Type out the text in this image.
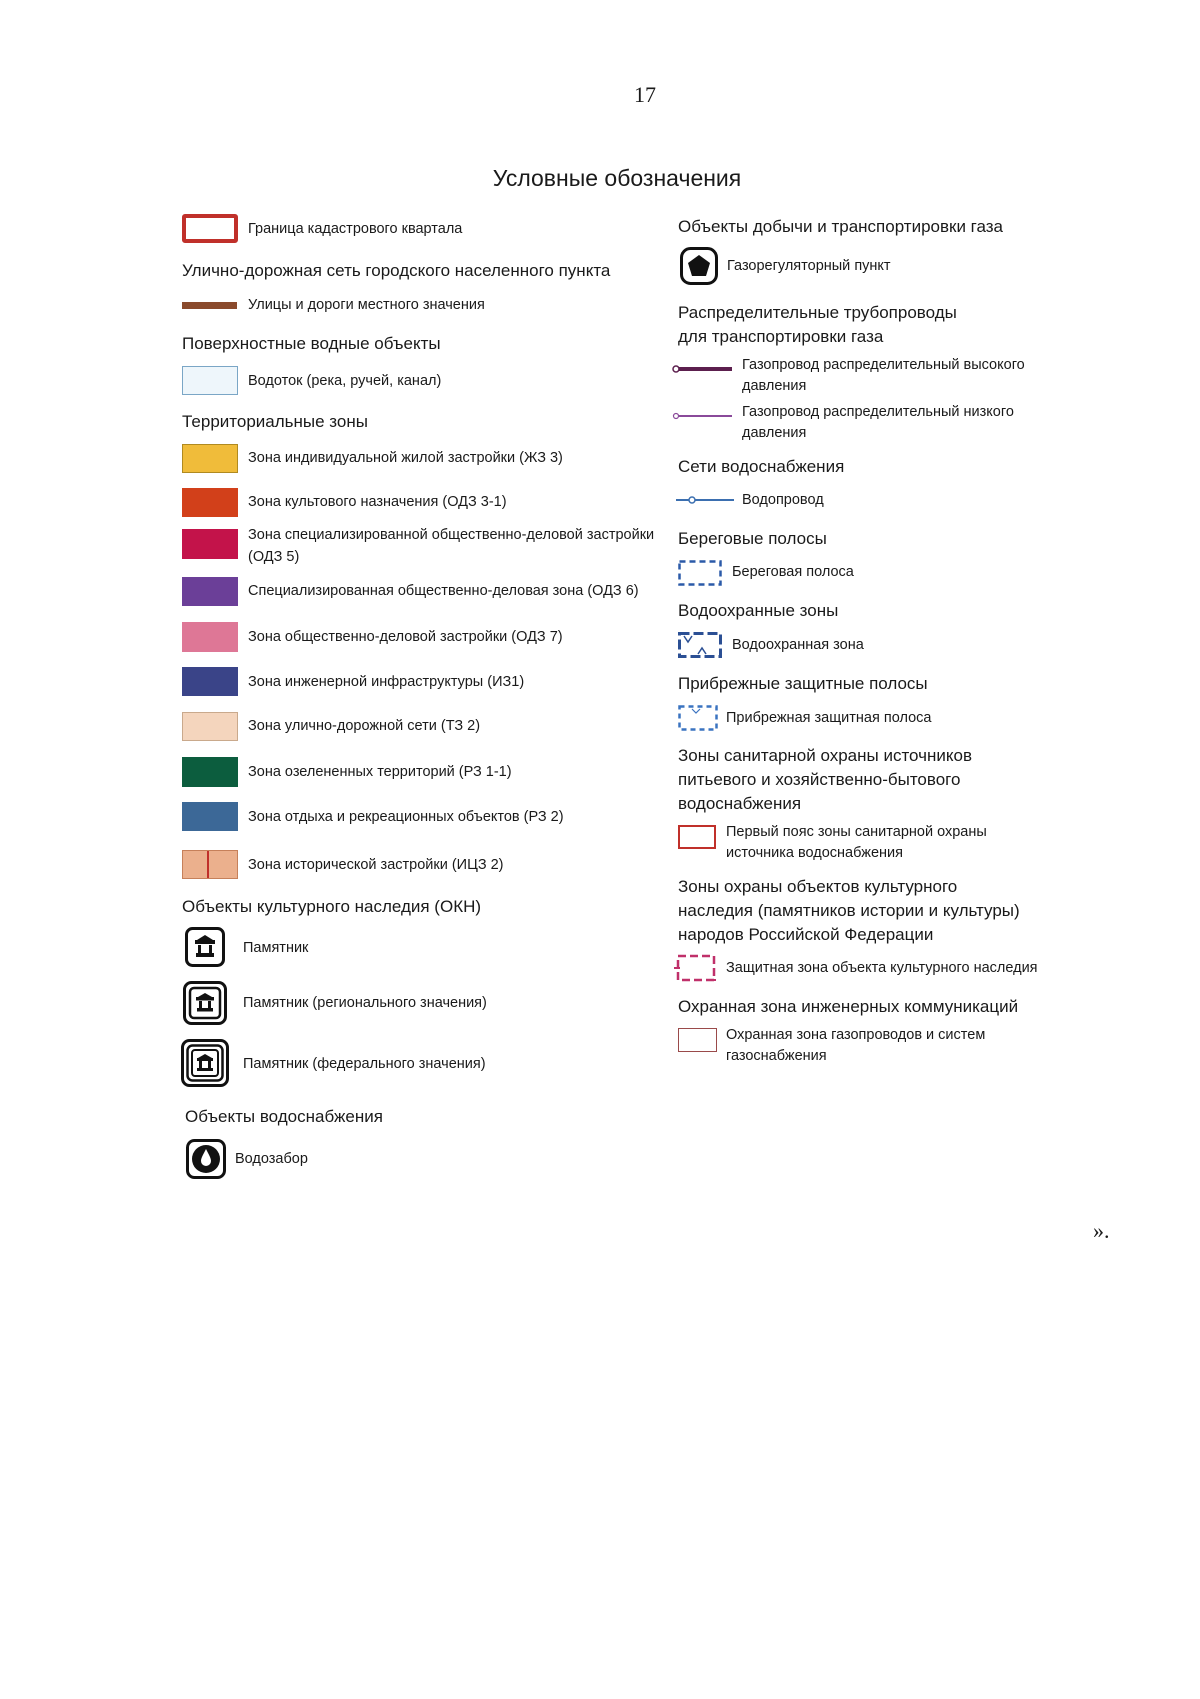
17
Условные обозначения
Граница кадастрового квартала
Улично-дорожная сеть городского населенного пункта
Улицы и дороги местного значения
Поверхностные водные объекты
Водоток (река, ручей, канал)
Территориальные зоны
Зона индивидуальной жилой застройки (ЖЗ 3)
Зона культового назначения (ОДЗ 3-1)
Зона специализированной общественно-деловой застройки
(ОДЗ 5)
Специализированная общественно-деловая зона (ОДЗ 6)
Зона общественно-деловой застройки (ОДЗ 7)
Зона инженерной инфраструктуры (ИЗ1)
Зона улично-дорожной сети (ТЗ 2)
Зона озелененных территорий (РЗ 1-1)
Зона отдыха и рекреационных объектов (РЗ 2)
Зона исторической застройки (ИЦЗ 2)
Объекты культурного наследия (ОКН)
Памятник
Памятник (регионального значения)
Памятник (федерального значения)
Объекты водоснабжения
Водозабор
Объекты добычи и транспортировки газа
Газорегуляторный пункт
Распределительные трубопроводы
для транспортировки газа
Газопровод распределительный высокого
давления
Газопровод распределительный низкого
давления
Сети водоснабжения
Водопровод
Береговые полосы
Береговая полоса
Водоохранные зоны
Водоохранная зона
Прибрежные защитные полосы
Прибрежная защитная полоса
Зоны санитарной охраны источников
питьевого и хозяйственно-бытового
водоснабжения
Первый пояс зоны санитарной охраны
источника водоснабжения
Зоны охраны объектов культурного
наследия (памятников истории и культуры)
народов Российской Федерации
Защитная зона объекта культурного наследия
Охранная зона инженерных коммуникаций
Охранная зона газопроводов и систем
газоснабжения
».
